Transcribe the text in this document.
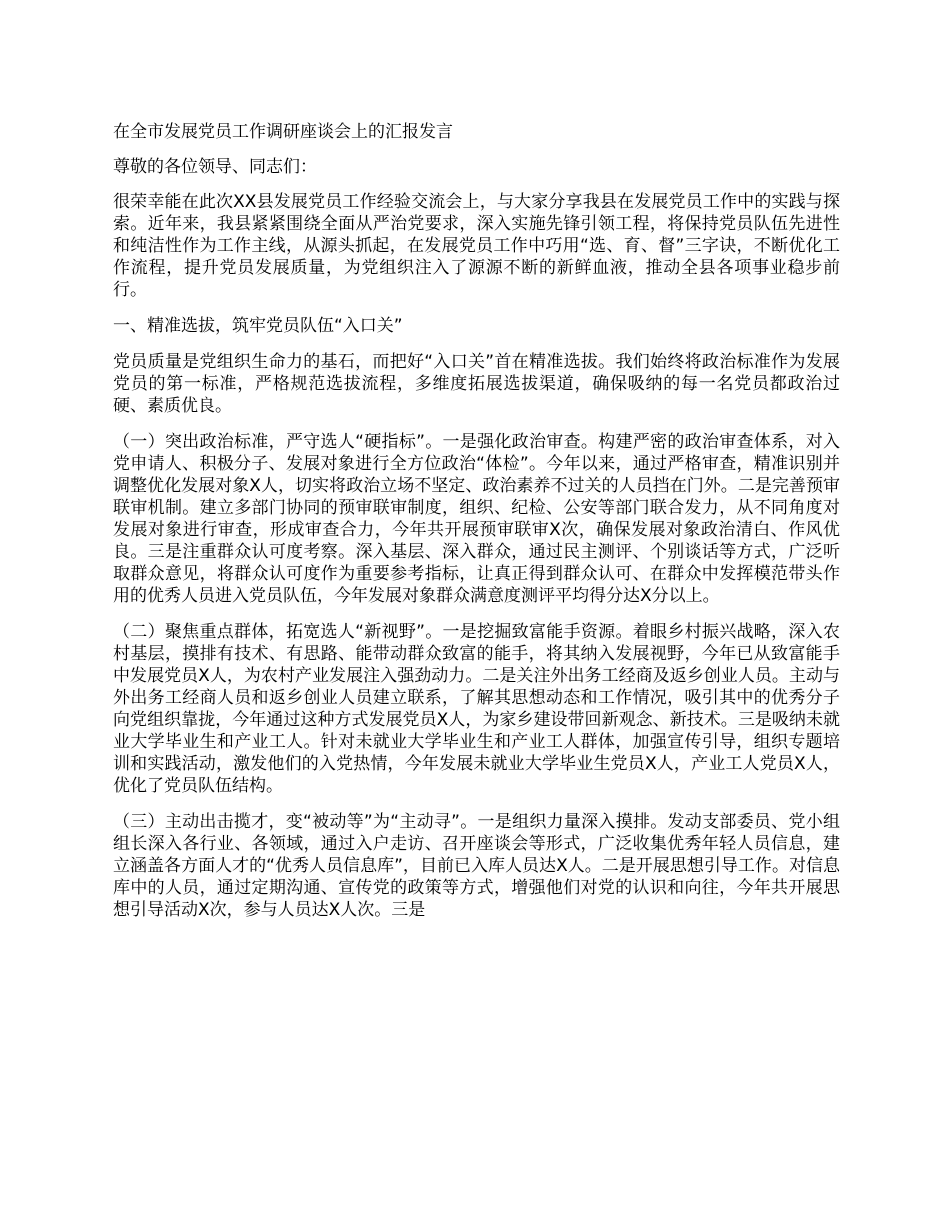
在全市发展党员工作调研座谈会上的汇报发言

尊敬的各位领导、同志们：

很荣幸能在此次XX县发展党员工作经验交流会上，与大家分享我县在发展党员工作中的实践与探索。近年来，我县紧紧围绕全面从严治党要求，深入实施先锋引领工程，将保持党员队伍先进性和纯洁性作为工作主线，从源头抓起，在发展党员工作中巧用“选、育、督”三字诀，不断优化工作流程，提升党员发展质量，为党组织注入了源源不断的新鲜血液，推动全县各项事业稳步前行。

一、精准选拔，筑牢党员队伍“入口关”

党员质量是党组织生命力的基石，而把好“入口关”首在精准选拔。我们始终将政治标准作为发展党员的第一标准，严格规范选拔流程，多维度拓展选拔渠道，确保吸纳的每一名党员都政治过硬、素质优良。

（一）突出政治标准，严守选人“硬指标”。一是强化政治审查。构建严密的政治审查体系，对入党申请人、积极分子、发展对象进行全方位政治“体检”。今年以来，通过严格审查，精准识别并调整优化发展对象X人，切实将政治立场不坚定、政治素养不过关的人员挡在门外。二是完善预审联审机制。建立多部门协同的预审联审制度，组织、纪检、公安等部门联合发力，从不同角度对发展对象进行审查，形成审查合力，今年共开展预审联审X次，确保发展对象政治清白、作风优良。三是注重群众认可度考察。深入基层、深入群众，通过民主测评、个别谈话等方式，广泛听取群众意见，将群众认可度作为重要参考指标，让真正得到群众认可、在群众中发挥模范带头作用的优秀人员进入党员队伍，今年发展对象群众满意度测评平均得分达X分以上。

（二）聚焦重点群体，拓宽选人“新视野”。一是挖掘致富能手资源。着眼乡村振兴战略，深入农村基层，摸排有技术、有思路、能带动群众致富的能手，将其纳入发展视野，今年已从致富能手中发展党员X人，为农村产业发展注入强劲动力。二是关注外出务工经商及返乡创业人员。主动与外出务工经商人员和返乡创业人员建立联系，了解其思想动态和工作情况，吸引其中的优秀分子向党组织靠拢，今年通过这种方式发展党员X人，为家乡建设带回新观念、新技术。三是吸纳未就业大学毕业生和产业工人。针对未就业大学毕业生和产业工人群体，加强宣传引导，组织专题培训和实践活动，激发他们的入党热情，今年发展未就业大学毕业生党员X人，产业工人党员X人，优化了党员队伍结构。

（三）主动出击揽才，变“被动等”为“主动寻”。一是组织力量深入摸排。发动支部委员、党小组组长深入各行业、各领域，通过入户走访、召开座谈会等形式，广泛收集优秀年轻人员信息，建立涵盖各方面人才的“优秀人员信息库”，目前已入库人员达X人。二是开展思想引导工作。对信息库中的人员，通过定期沟通、宣传党的政策等方式，增强他们对党的认识和向往，今年共开展思想引导活动X次，参与人员达X人次。三是
